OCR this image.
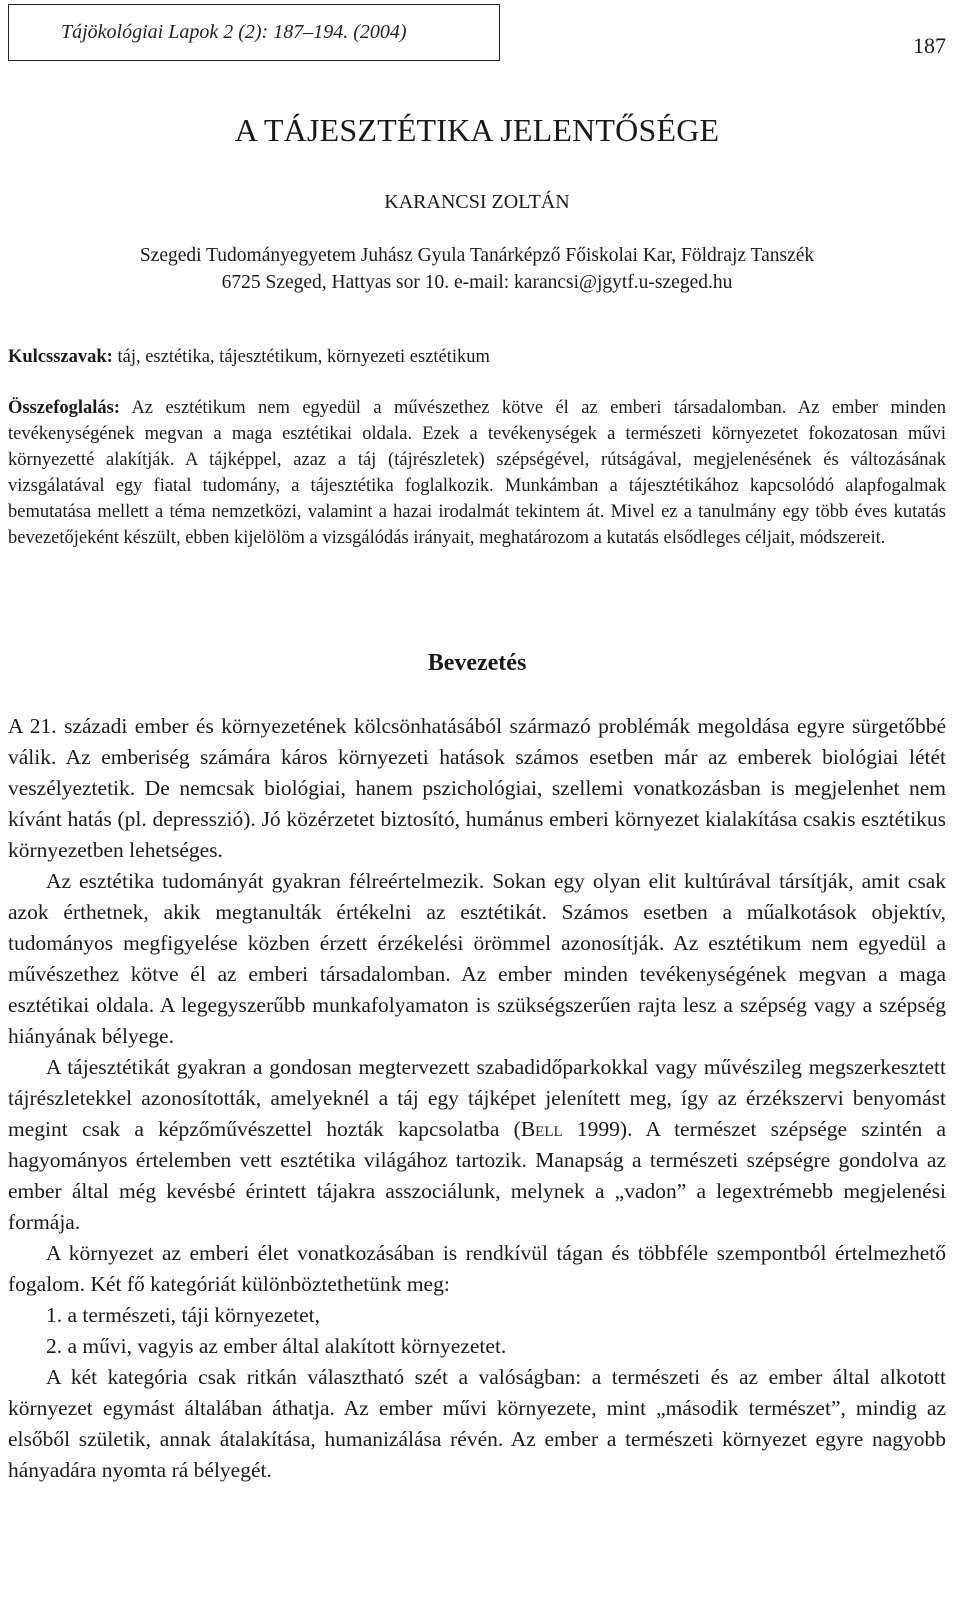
Tájökológiai Lapok 2 (2): 187–194. (2004)
187
A TÁJESZTÉTIKA JELENTŐSÉGE
KARANCSI ZOLTÁN
Szegedi Tudományegyetem Juhász Gyula Tanárképző Főiskolai Kar, Földrajz Tanszék
6725 Szeged, Hattyas sor 10. e-mail: karancsi@jgytf.u-szeged.hu
Kulcsszavak: táj, esztétika, tájesztétikum, környezeti esztétikum
Összefoglalás: Az esztétikum nem egyedül a művészethez kötve él az emberi társadalomban. Az ember minden tevékenységének megvan a maga esztétikai oldala. Ezek a tevékenységek a természeti környezetet fokozatosan művi környezetté alakítják. A tájképpel, azaz a táj (tájrészletek) szépségével, rútságával, megjelenésének és változásának vizsgálatával egy fiatal tudomány, a tájesztétika foglalkozik. Munkámban a tájesztétikához kapcsolódó alapfogalmak bemutatása mellett a téma nemzetközi, valamint a hazai irodalmát tekintem át. Mivel ez a tanulmány egy több éves kutatás bevezetőjeként készült, ebben kijelölöm a vizsgálódás irányait, meghatározom a kutatás elsődleges céljait, módszereit.
Bevezetés

A 21. századi ember és környezetének kölcsönhatásából származó problémák megoldása egyre sürgetőbbé válik. Az emberiség számára káros környezeti hatások számos esetben már az emberek biológiai létét veszélyeztetik. De nemcsak biológiai, hanem pszichológiai, szellemi vonatkozásban is megjelenhet nem kívánt hatás (pl. depresszió). Jó közérzetet biztosító, humánus emberi környezet kialakítása csakis esztétikus környezetben lehetséges.

Az esztétika tudományát gyakran félreértelmezik. Sokan egy olyan elit kultúrával társítják, amit csak azok érthetnek, akik megtanulták értékelni az esztétikát. Számos esetben a műalkotások objektív, tudományos megfigyelése közben érzett érzékelési örömmel azonosítják. Az esztétikum nem egyedül a művészethez kötve él az emberi társadalomban. Az ember minden tevékenységének megvan a maga esztétikai oldala. A legegyszerűbb munkafolyamaton is szükségszerűen rajta lesz a szépség vagy a szépség hiányának bélyege.

A tájesztétikát gyakran a gondosan megtervezett szabadidőparkokkal vagy művészileg megszerkesztett tájrészletekkel azonosították, amelyeknél a táj egy tájképet jelenített meg, így az érzékszervi benyomást megint csak a képzőművészettel hozták kapcsolatba (Bell 1999). A természet szépsége szintén a hagyományos értelemben vett esztétika világához tartozik. Manapság a természeti szépségre gondolva az ember által még kevésbé érintett tájakra asszociálunk, melynek a „vadon” a legextrémebb megjelenési formája.

A környezet az emberi élet vonatkozásában is rendkívül tágan és többféle szempontból értelmezhető fogalom. Két fő kategóriát különböztethetünk meg:

1. a természeti, táji környezetet,

2. a művi, vagyis az ember által alakított környezetet.

A két kategória csak ritkán választható szét a valóságban: a természeti és az ember által alkotott környezet egymást általában áthatja. Az ember művi környezete, mint „második természet”, mindig az elsőből születik, annak átalakítása, humanizálása révén. Az ember a természeti környezet egyre nagyobb hányadára nyomta rá bélyegét.
